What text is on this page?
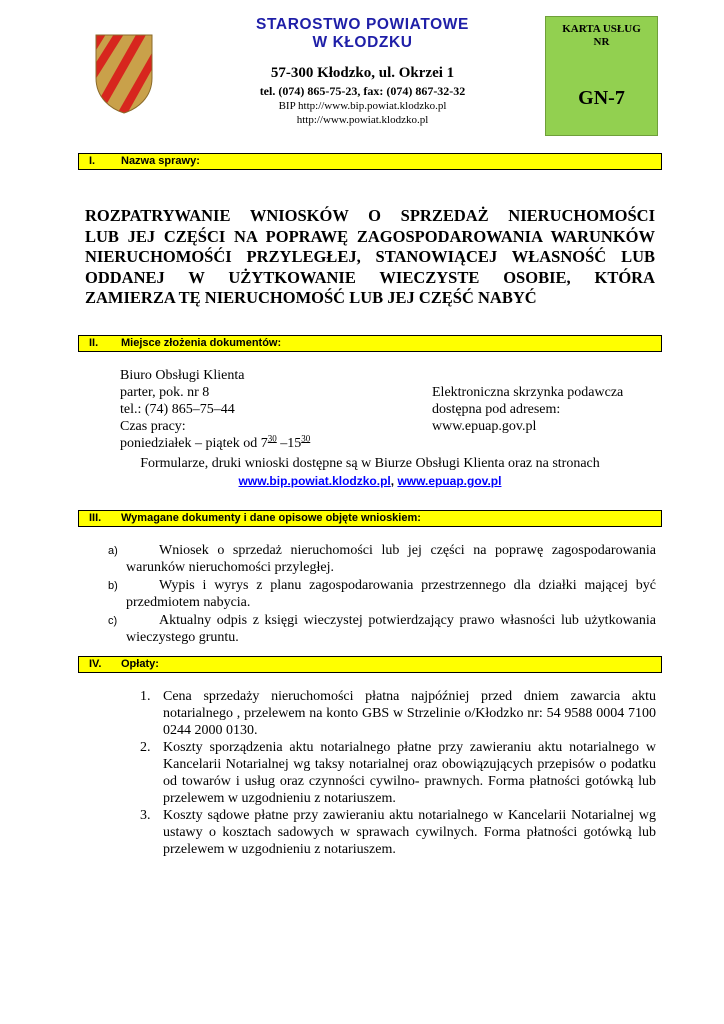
STAROSTWO POWIATOWE
W KŁODZKU
57-300 Kłodzko, ul. Okrzei 1
tel. (074) 865-75-23, fax: (074) 867-32-32
BIP http://www.bip.powiat.klodzko.pl
http://www.powiat.klodzko.pl
KARTA USŁUG
NR
GN-7
I. Nazwa sprawy:
ROZPATRYWANIE WNIOSKÓW O SPRZEDAŻ NIERUCHOMOŚCI
LUB JEJ CZĘŚCI NA POPRAWĘ ZAGOSPODAROWANIA WARUNKÓW
NIERUCHOMOŚĆI PRZYLEGŁEJ, STANOWIĄCEJ WŁASNOŚĆ LUB
ODDANEJ W UŻYTKOWANIE WIECZYSTE OSOBIE, KTÓRA
ZAMIERZA TĘ NIERUCHOMOŚĆ LUB JEJ CZĘŚĆ NABYĆ
II. Miejsce złożenia dokumentów:
Biuro Obsługi Klienta
parter, pok. nr 8
tel.: (74) 865–75–44
Czas pracy:
poniedziałek – piątek od $7^{30}$ $-15^{30}$
Elektroniczna skrzynka podawcza
dostępna pod adresem:
www.epuap.gov.pl
Formularze, druki wnioski dostępne są w Biurze Obsługi Klienta oraz na stronach
www.bip.powiat.klodzko.pl, www.epuap.gov.pl
III. Wymagane dokumenty i dane opisowe objęte wnioskiem:
a)	Wniosek o sprzedaż nieruchomości lub jej części na poprawę zagospodarowania warunków nieruchomości przyległej.
b)	Wypis i wyrys z planu zagospodarowania przestrzennego dla działki mającej być przedmiotem nabycia.
c)	Aktualny odpis z księgi wieczystej potwierdzający prawo własności lub użytkowania wieczystego gruntu.
IV. Opłaty:
1. Cena sprzedaży nieruchomości płatna najpóźniej przed dniem zawarcia aktu notarialnego , przelewem na konto GBS w Strzelinie o/Kłodzko nr: 54 9588 0004 7100 0244 2000 0130.
2. Koszty sporządzenia aktu notarialnego płatne przy zawieraniu aktu notarialnego w Kancelarii Notarialnej wg taksy notarialnej oraz obowiązujących przepisów o podatku od towarów i usług oraz czynności cywilno- prawnych. Forma płatności gotówką lub przelewem w uzgodnieniu z notariuszem.
3. Koszty sądowe płatne przy zawieraniu aktu notarialnego w Kancelarii Notarialnej wg ustawy o kosztach sadowych w sprawach cywilnych. Forma płatności gotówką lub przelewem w uzgodnieniu z notariuszem.
